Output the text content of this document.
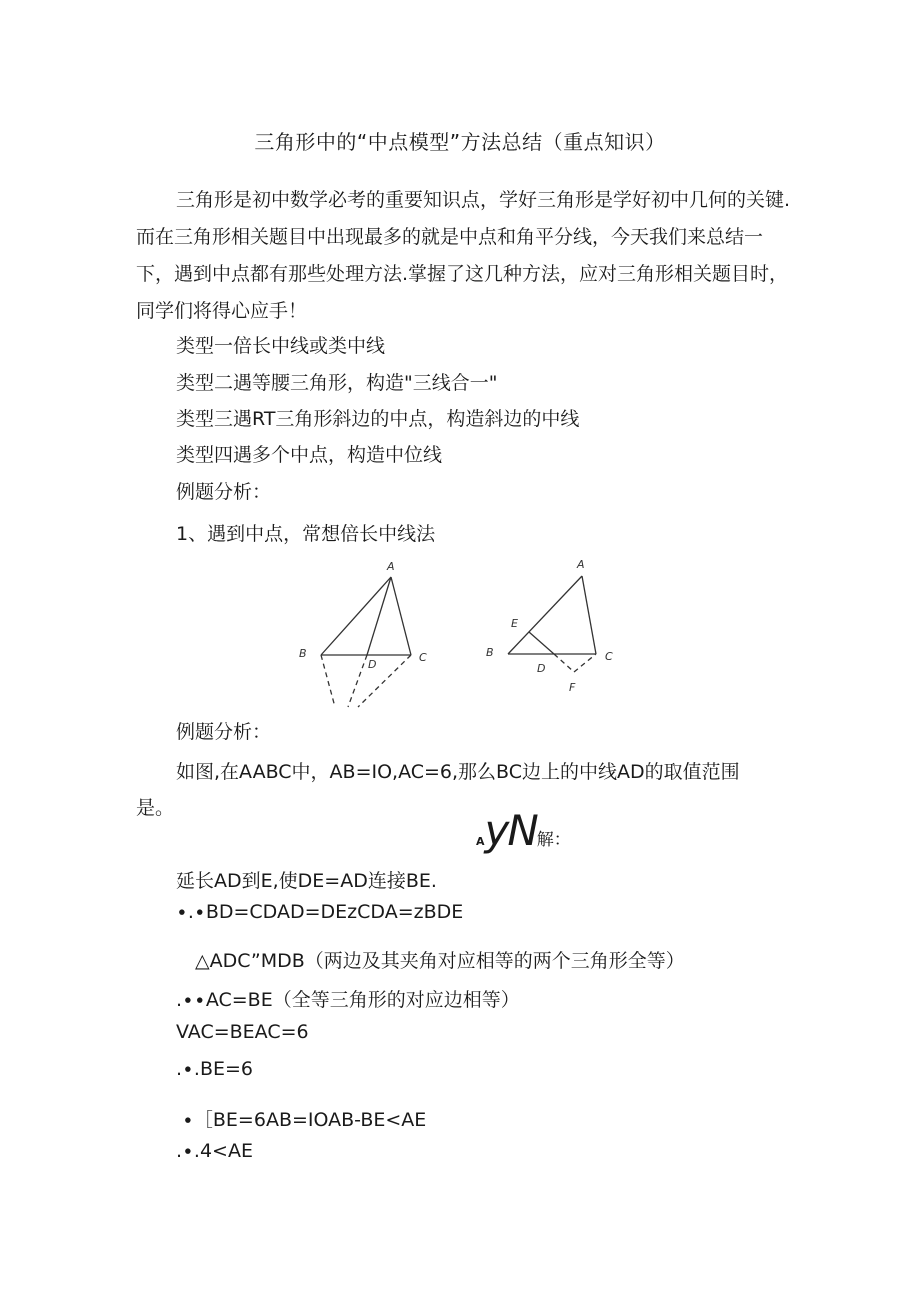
三角形中的“中点模型”方法总结（重点知识）
三角形是初中数学必考的重要知识点，学好三角形是学好初中几何的关键.而在三角形相关题目中出现最多的就是中点和角平分线，今天我们来总结一下，遇到中点都有那些处理方法.掌握了这几种方法，应对三角形相关题目时，同学们将得心应手！
类型一倍长中线或类中线
类型二遇等腰三角形，构造"三线合一"
类型三遇RT三角形斜边的中点，构造斜边的中线
类型四遇多个中点，构造中位线
例题分析：
1、遇到中点，常想倍长中线法
A
B	C
D
A
E
B	C
D
F
例题分析：
如图,在AABC中，AB=IO,AC=6,那么BC边上的中线AD的取值范围
是。
AyN解：
延长AD到E,使DE=AD连接BE.
∙.∙BD=CDAD=DEzCDA=zBDE
△ADC”MDB（两边及其夹角对应相等的两个三角形全等）
.∙∙AC=BE（全等三角形的对应边相等）
VAC=BEAC=6
.∙.BE=6
∙［BE=6AB=IOAB-BE<AE
.∙.4<AE
